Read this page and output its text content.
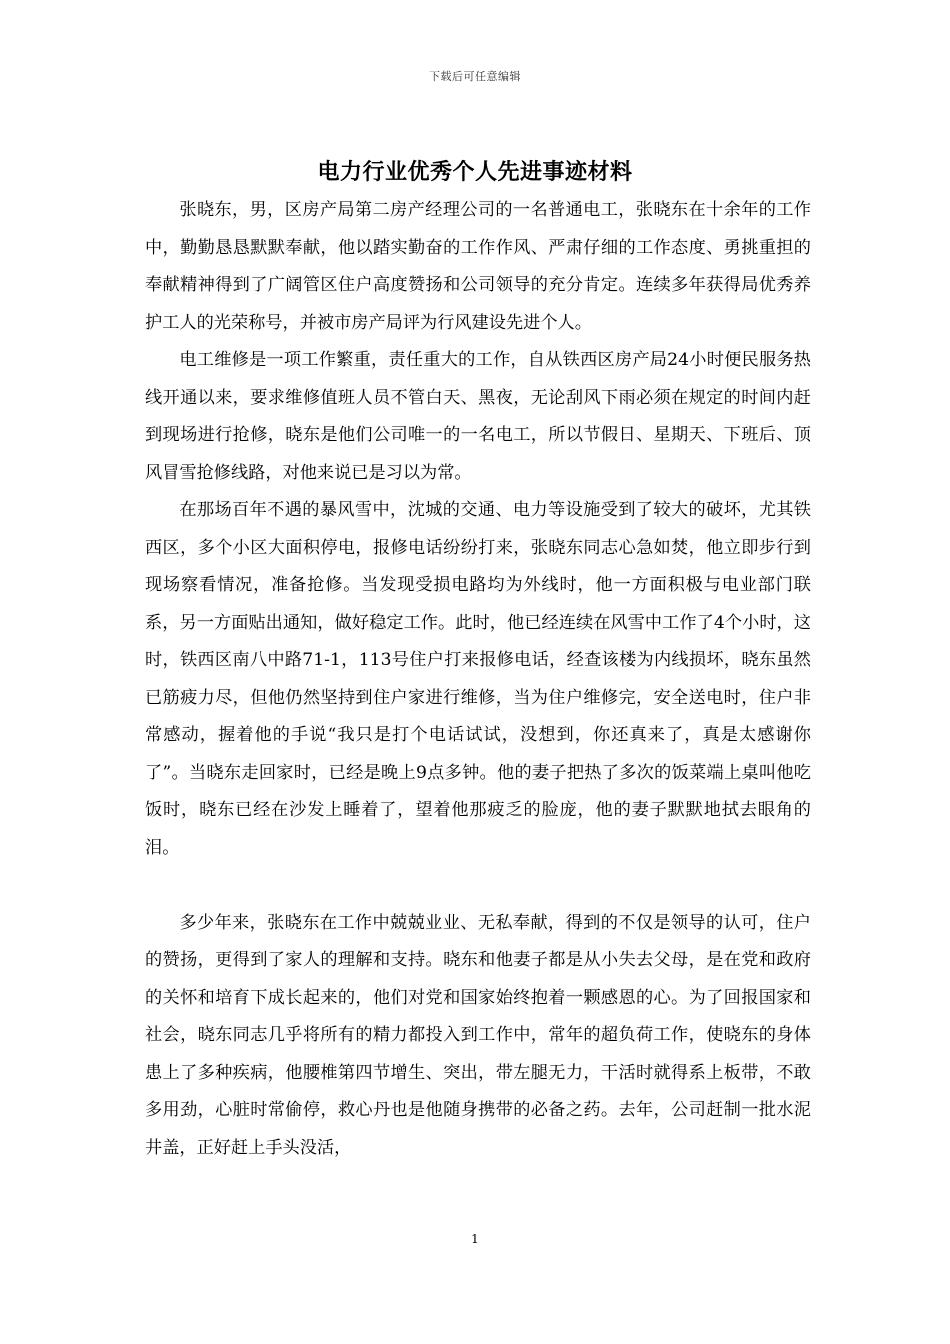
下载后可任意编辑
电力行业优秀个人先进事迹材料

张晓东，男，区房产局第二房产经理公司的一名普通电工，张晓东在十余年的工作中，勤勤恳恳默默奉献，他以踏实勤奋的工作作风、严肃仔细的工作态度、勇挑重担的奉献精神得到了广阔管区住户高度赞扬和公司领导的充分肯定。连续多年获得局优秀养护工人的光荣称号，并被市房产局评为行风建设先进个人。

电工维修是一项工作繁重，责任重大的工作，自从铁西区房产局24小时便民服务热线开通以来，要求维修值班人员不管白天、黑夜，无论刮风下雨必须在规定的时间内赶到现场进行抢修，晓东是他们公司唯一的一名电工，所以节假日、星期天、下班后、顶风冒雪抢修线路，对他来说已是习以为常。

在那场百年不遇的暴风雪中，沈城的交通、电力等设施受到了较大的破坏，尤其铁西区，多个小区大面积停电，报修电话纷纷打来，张晓东同志心急如焚，他立即步行到现场察看情况，准备抢修。当发现受损电路均为外线时，他一方面积极与电业部门联系，另一方面贴出通知，做好稳定工作。此时，他已经连续在风雪中工作了4个小时，这时，铁西区南八中路71-1，113号住户打来报修电话，经查该楼为内线损坏，晓东虽然已筋疲力尽，但他仍然坚持到住户家进行维修，当为住户维修完，安全送电时，住户非常感动，握着他的手说“我只是打个电话试试，没想到，你还真来了，真是太感谢你了”。当晓东走回家时，已经是晚上9点多钟。他的妻子把热了多次的饭菜端上桌叫他吃饭时，晓东已经在沙发上睡着了，望着他那疲乏的脸庞，他的妻子默默地拭去眼角的泪。

多少年来，张晓东在工作中兢兢业业、无私奉献，得到的不仅是领导的认可，住户的赞扬，更得到了家人的理解和支持。晓东和他妻子都是从小失去父母，是在党和政府的关怀和培育下成长起来的，他们对党和国家始终抱着一颗感恩的心。为了回报国家和社会，晓东同志几乎将所有的精力都投入到工作中，常年的超负荷工作，使晓东的身体患上了多种疾病，他腰椎第四节增生、突出，带左腿无力，干活时就得系上板带，不敢多用劲，心脏时常偷停，救心丹也是他随身携带的必备之药。去年，公司赶制一批水泥井盖，正好赶上手头没活，

1
